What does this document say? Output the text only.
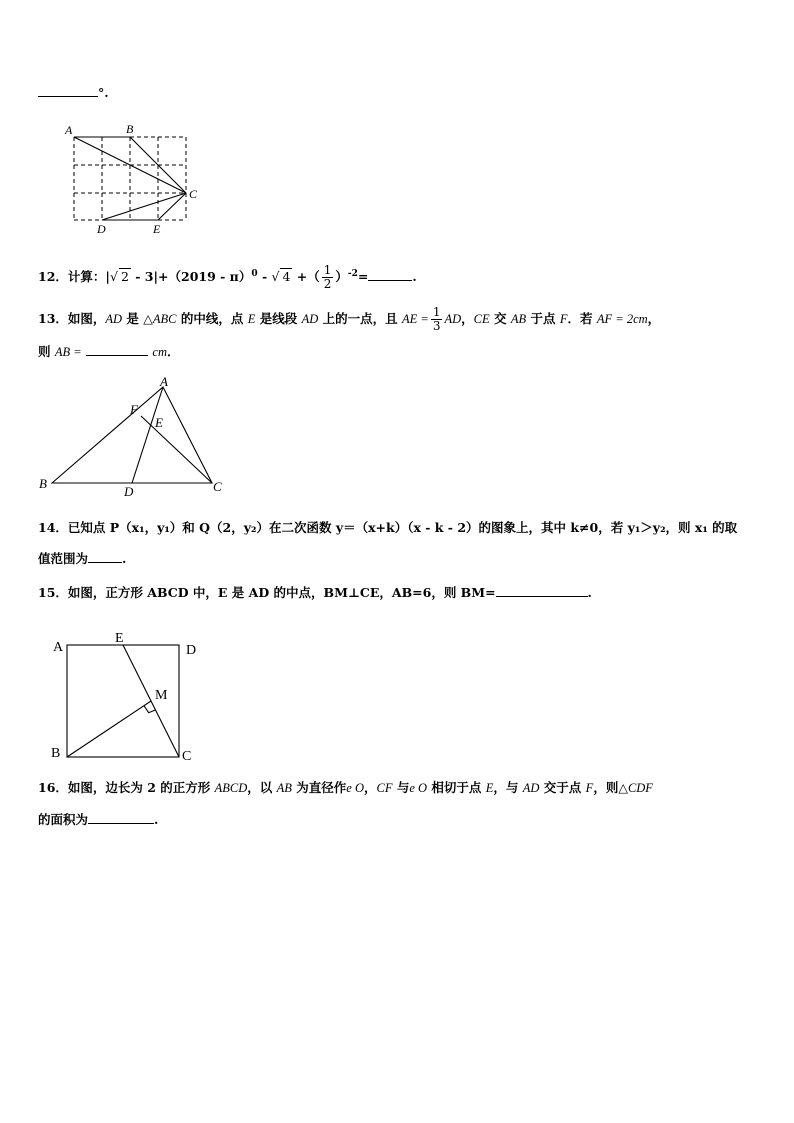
°.
A	B
C
D	E
12．计算：|√ 2 - 3|+（2019 - π）$^0$ - √ 4 +（ $\frac{1}{2} )^{-2}=$	.
13．如图，AD 是 △ABC 的中线，点 E 是线段 AD 上的一点，且 AE = $\frac{1}{3}$ AD，CE 交 AB 于点 F．若 AF = 2cm，
则 AB =	cm．
A
F
E
B
D	C
14．已知点 P（x₁，y₁）和 Q（2，y₂）在二次函数 y＝（x+k）（x - k - 2）的图象上，其中 k≠0，若 y₁＞y₂，则 x₁ 的取
值范围为	.
15．如图，正方形 ABCD 中，E 是 AD 的中点，BM⊥CE，AB=6，则 BM=	.
A
E
D
M
B	C
16．如图，边长为 2 的正方形 ABCD，以 AB 为直径作e O，CF 与e O 相切于点 E，与 AD 交于点 F，则△CDF
的面积为	.
